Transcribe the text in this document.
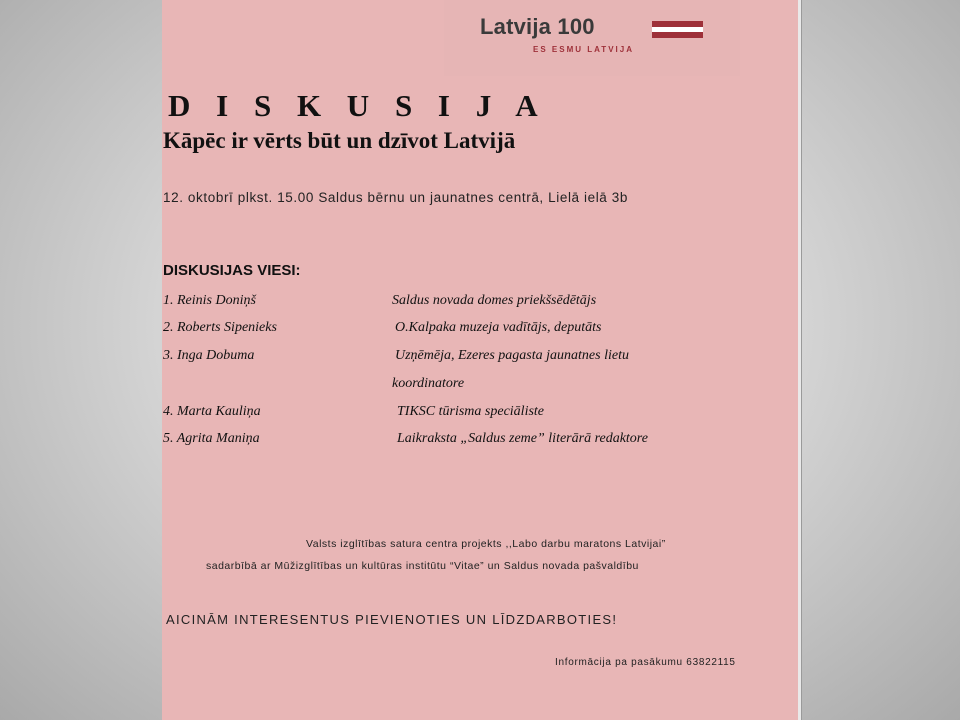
Latvija 100
ES ESMU LATVIJA
D I S K U S I J A
Kāpēc ir vērts būt un dzīvot Latvijā
12. oktobrī plkst. 15.00 Saldus bērnu un jaunatnes centrā, Lielā ielā 3b
DISKUSIJAS VIESI:
1. Reinis Doniņš	Saldus novada domes priekšsēdētājs
2. Roberts Sipenieks	O.Kalpaka muzeja vadītājs, deputāts
3. Inga Dobuma	Uzņēmēja, Ezeres pagasta jaunatnes lietu
koordinatore
4. Marta Kauliņa	TIKSC tūrisma speciāliste
5. Agrita Maniņa	Laikraksta „Saldus zeme” literārā redaktore
Valsts izglītības satura centra projekts ,,Labo darbu maratons Latvijai”
sadarbībā ar Mūžizglītības un kultūras institūtu “Vitae” un Saldus novada pašvaldību
AICINĀM INTERESENTUS PIEVIENOTIES UN LĪDZDARBOTIES!
Informācija pa pasākumu 63822115
